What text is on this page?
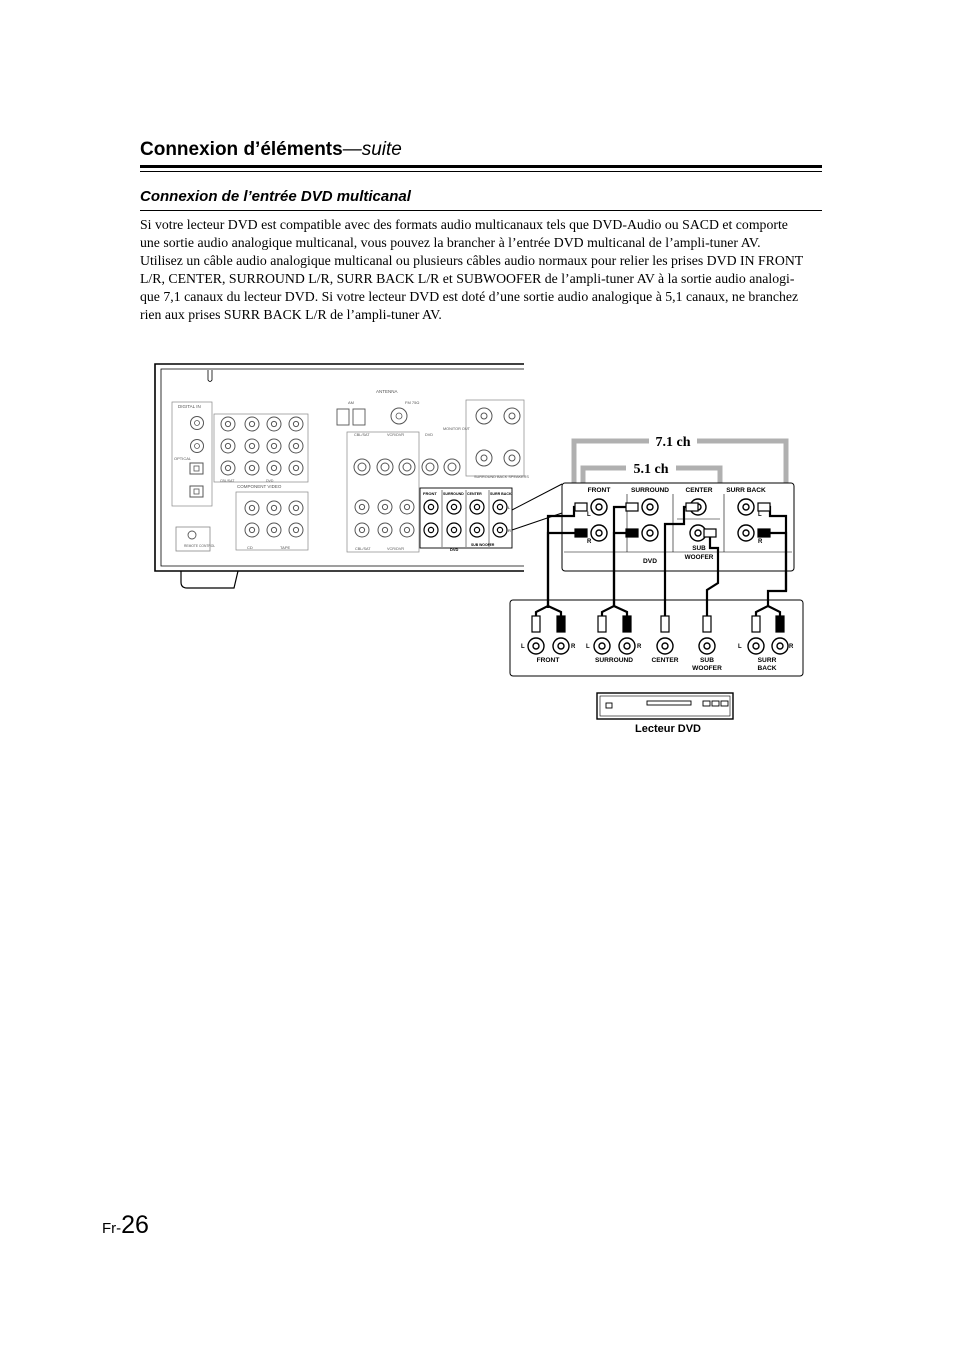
Connexion d’éléments—suite
Connexion de l’entrée DVD multicanal
Si votre lecteur DVD est compatible avec des formats audio multicanaux tels que DVD-Audio ou SACD et comporte
une sortie audio analogique multicanal, vous pouvez la brancher à l’entrée DVD multicanal de l’ampli-tuner AV.
Utilisez un câble audio analogique multicanal ou plusieurs câbles audio normaux pour relier les prises DVD IN FRONT
L/R, CENTER, SURROUND L/R, SURR BACK L/R et SUBWOOFER de l’ampli-tuner AV à la sortie audio analogi-
que 7,1 canaux du lecteur DVD. Si votre lecteur DVD est doté d’une sortie audio analogique à 5,1 canaux, ne branchez
rien aux prises SURR BACK L/R de l’ampli-tuner AV.
DIGITAL IN
OPTICAL
COMPONENT VIDEO
CBL/SAT	DVD
CD	TAPE
REMOTE CONTROL
ANTENNA
AM	FM 75Ω
CBL/SAT	VCR/DVR	DVD
MONITOR OUT
CBL/SAT	VCR/DVR
SURROUND BACK SPEAKERS
FRONT SURROUND CENTER SURR BACK
SUB WOOFER
DVD
L
R
7.1 ch
5.1 ch
FRONT	SURROUND CENTER SURR BACK
L
R
L
R
SUB
WOOFER
DVD
L	R L	R	L	R
FRONT	SURROUND	CENTER	SUB
WOOFER
SURR
BACK
Lecteur DVD
Fr-26
